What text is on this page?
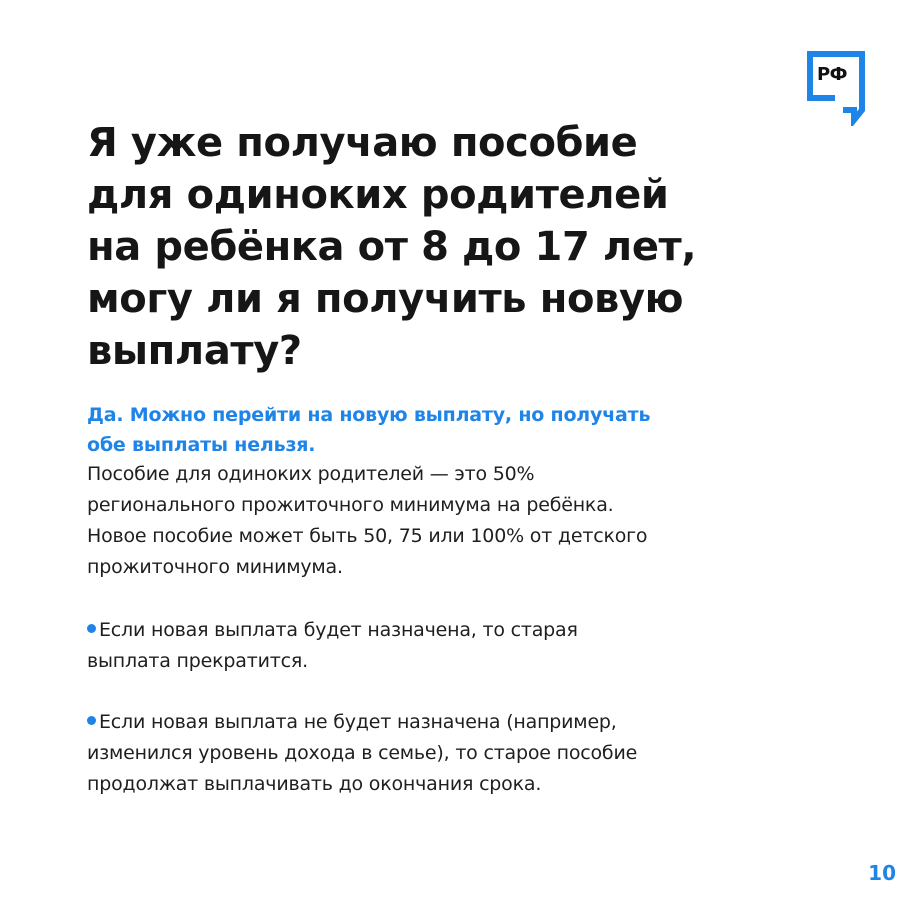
РФ
Я уже получаю пособие
для одиноких родителей
на ребёнка от 8 до 17 лет,
могу ли я получить новую
выплату?

Да. Можно перейти на новую выплату, но получать
обе выплаты нельзя.

Пособие для одиноких родителей — это 50%
регионального прожиточного минимума на ребёнка.
Новое пособие может быть 50, 75 или 100% от детского
прожиточного минимума.

Если новая выплата будет назначена, то старая
выплата прекратится.

Если новая выплата не будет назначена (например,
изменился уровень дохода в семье), то старое пособие
продолжат выплачивать до окончания срока.

10
